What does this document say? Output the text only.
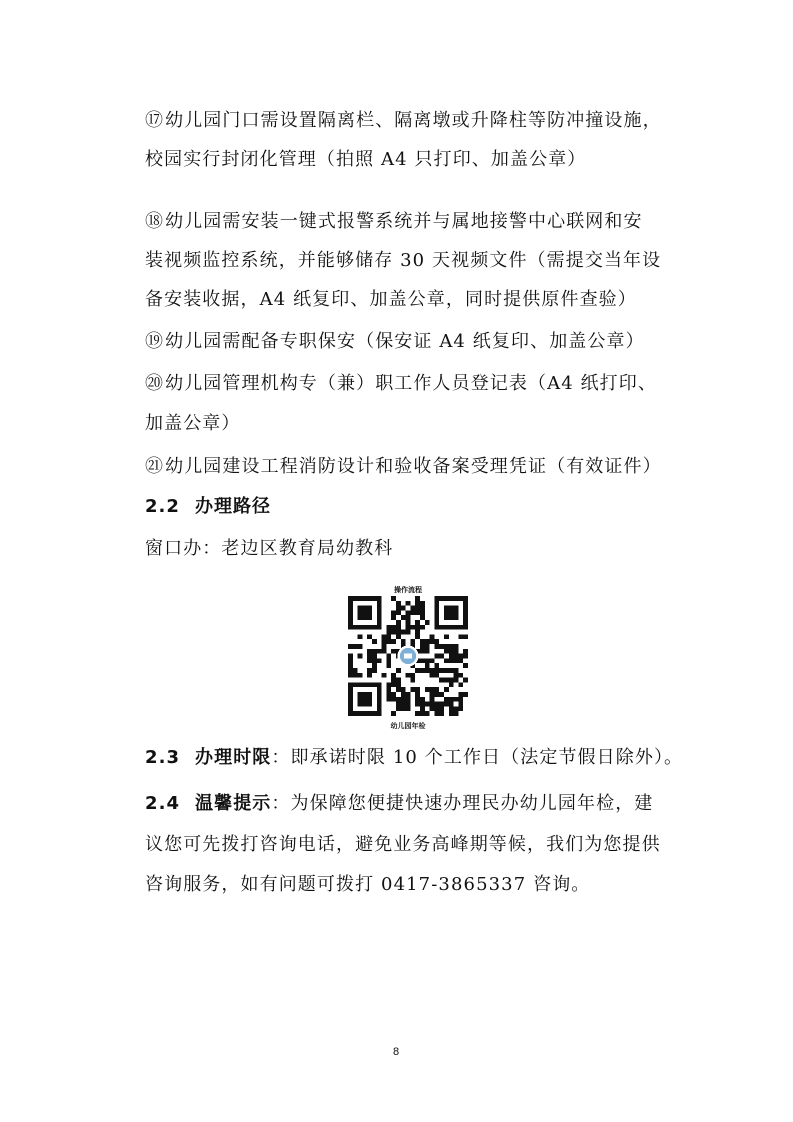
⑰幼儿园门口需设置隔离栏、隔离墩或升降柱等防冲撞设施，
校园实行封闭化管理（拍照 A4 只打印、加盖公章）
⑱幼儿园需安装一键式报警系统并与属地接警中心联网和安
装视频监控系统，并能够储存 30 天视频文件（需提交当年设
备安装收据，A4 纸复印、加盖公章，同时提供原件查验）
⑲幼儿园需配备专职保安（保安证 A4 纸复印、加盖公章）
⑳幼儿园管理机构专（兼）职工作人员登记表（A4 纸打印、
加盖公章）
㉑幼儿园建设工程消防设计和验收备案受理凭证（有效证件）
2.2 办理路径
窗口办：老边区教育局幼教科
操作流程
幼儿园年检
2.3 办理时限：即承诺时限 10 个工作日（法定节假日除外）。
2.4 温馨提示：为保障您便捷快速办理民办幼儿园年检，建
议您可先拨打咨询电话，避免业务高峰期等候，我们为您提供
咨询服务，如有问题可拨打 0417-3865337 咨询。
8
